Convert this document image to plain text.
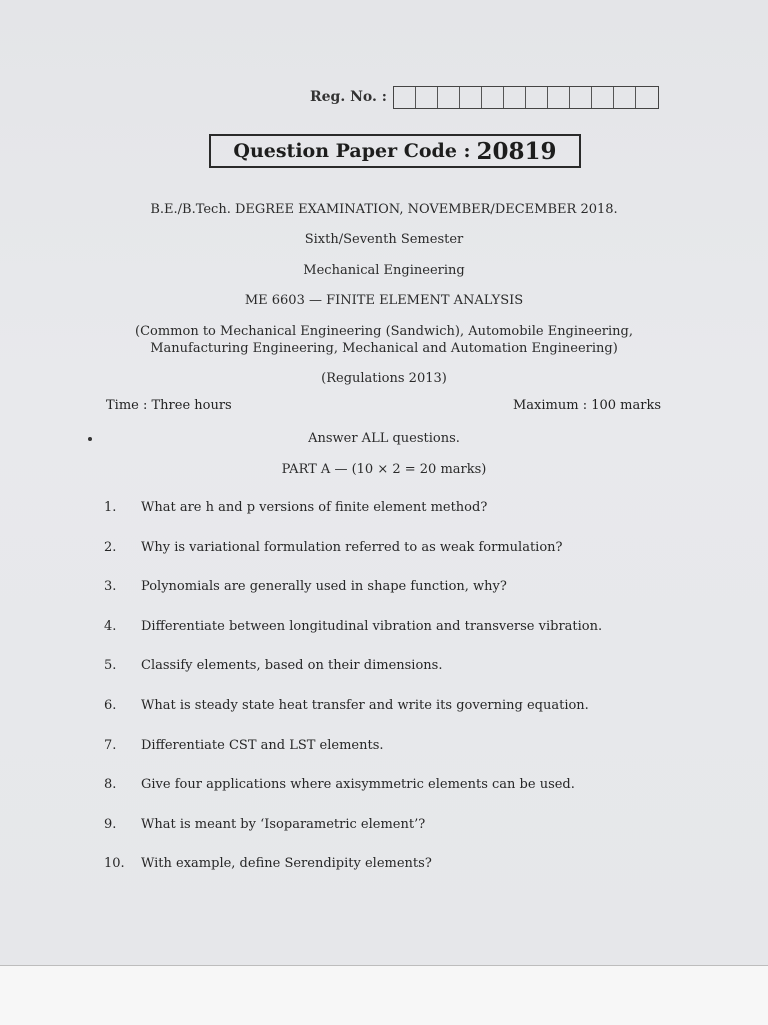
Reg. No. :
Question Paper Code : 20819
B.E./B.Tech. DEGREE EXAMINATION, NOVEMBER/DECEMBER 2018.
Sixth/Seventh Semester
Mechanical Engineering
ME 6603 — FINITE ELEMENT ANALYSIS
(Common to Mechanical Engineering (Sandwich), Automobile Engineering,
Manufacturing Engineering, Mechanical and Automation Engineering)
(Regulations 2013)
Time : Three hours	Maximum : 100 marks
Answer ALL questions.
PART A — (10 × 2 = 20 marks)
1. What are h and p versions of finite element method?
2. Why is variational formulation referred to as weak formulation?
3. Polynomials are generally used in shape function, why?
4. Differentiate between longitudinal vibration and transverse vibration.
5. Classify elements, based on their dimensions.
6. What is steady state heat transfer and write its governing equation.
7. Differentiate CST and LST elements.
8. Give four applications where axisymmetric elements can be used.
9. What is meant by ‘Isoparametric element’?
10. With example, define Serendipity elements?
